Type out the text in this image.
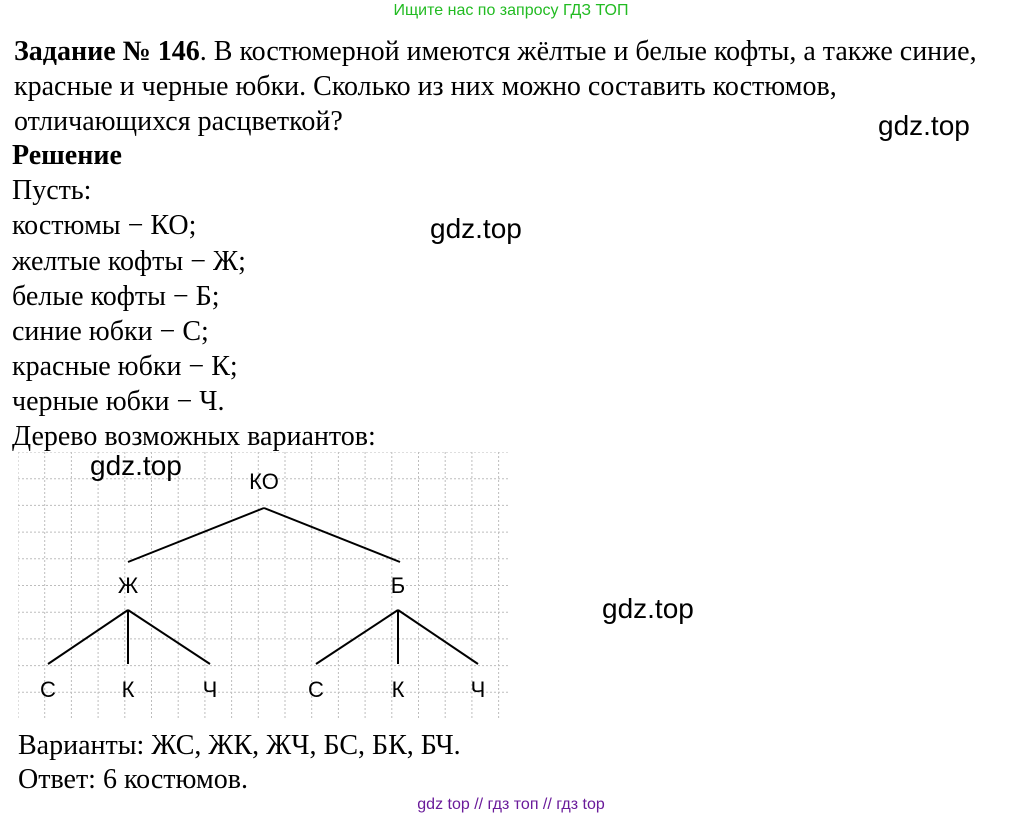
Ищите нас по запросу ГДЗ ТОП
Задание № 146. В костюмерной имеются жёлтые и белые кофты, а также синие, красные и черные юбки. Сколько из них можно составить костюмов, отличающихся расцветкой?
Решение
Пусть:
костюмы − КО;
желтые кофты − Ж;
белые кофты − Б;
синие юбки − С;
красные юбки − К;
черные юбки − Ч.
Дерево возможных вариантов:
КО
Ж	Б
С	К	Ч	С	К	Ч
Варианты: ЖС, ЖК, ЖЧ, БС, БК, БЧ.
Ответ: 6 костюмов.
gdz.top
gdz.top
gdz.top
gdz.top
gdz top // гдз топ // гдз top
